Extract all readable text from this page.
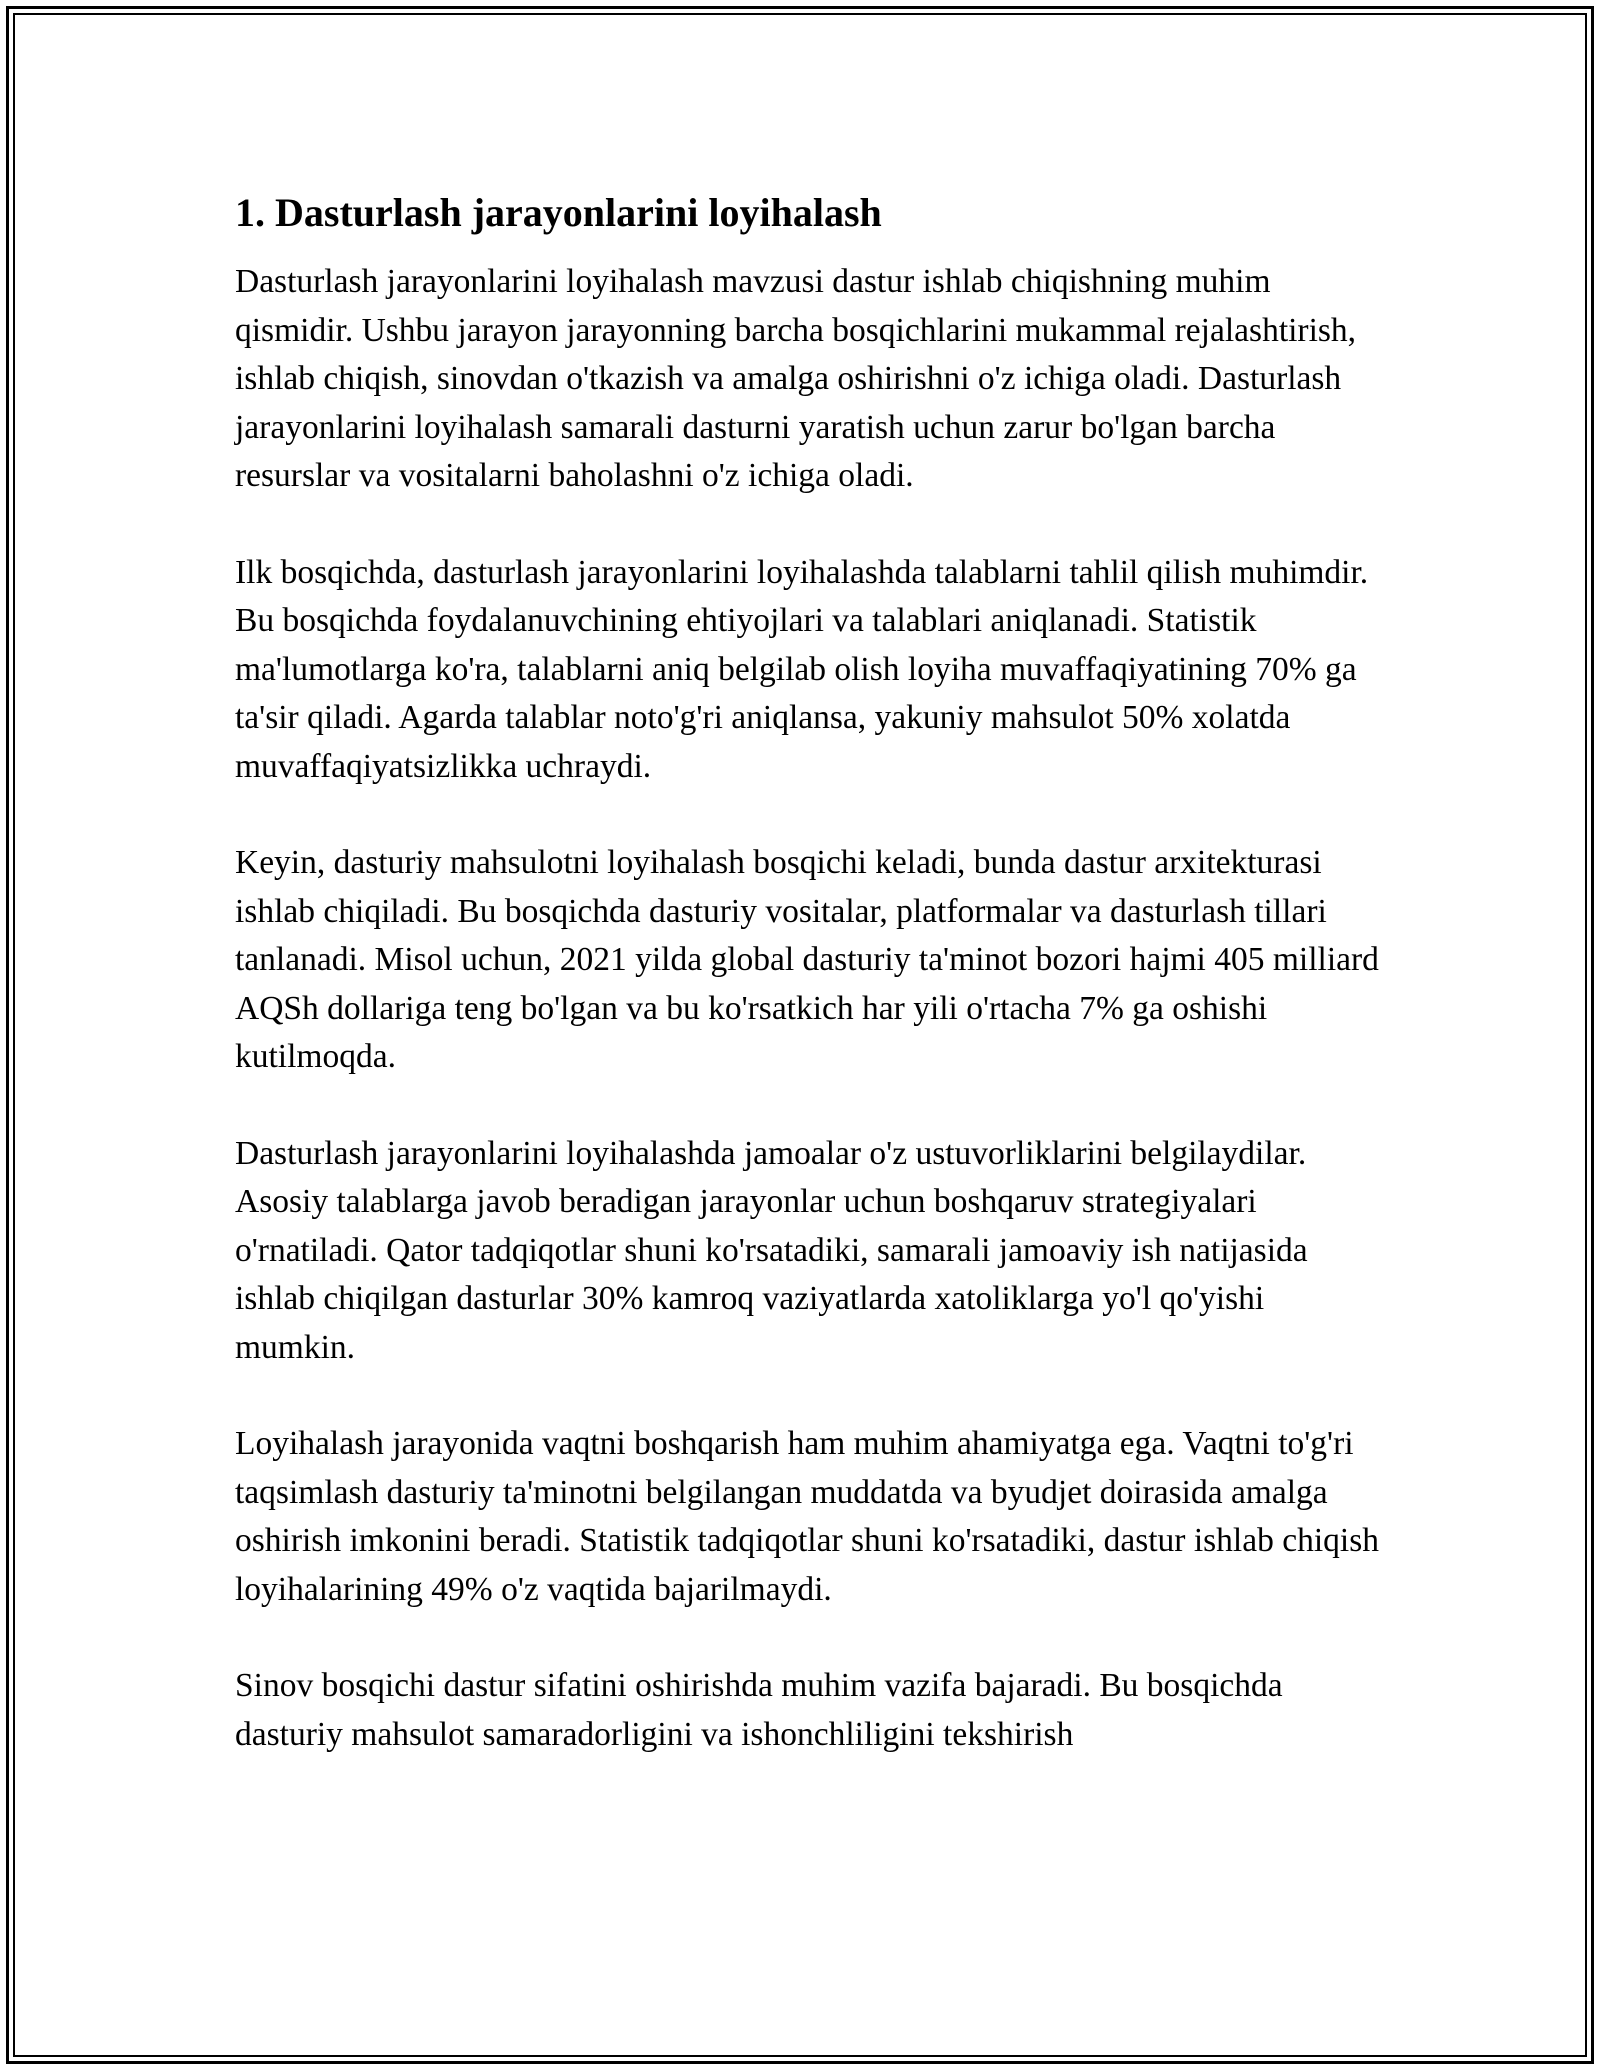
1. Dasturlash jarayonlarini loyihalash

Dasturlash jarayonlarini loyihalash mavzusi dastur ishlab chiqishning muhim qismidir. Ushbu jarayon jarayonning barcha bosqichlarini mukammal rejalashtirish, ishlab chiqish, sinovdan o'tkazish va amalga oshirishni o'z ichiga oladi. Dasturlash jarayonlarini loyihalash samarali dasturni yaratish uchun zarur bo'lgan barcha resurslar va vositalarni baholashni o'z ichiga oladi.

Ilk bosqichda, dasturlash jarayonlarini loyihalashda talablarni tahlil qilish muhimdir. Bu bosqichda foydalanuvchining ehtiyojlari va talablari aniqlanadi. Statistik ma'lumotlarga ko'ra, talablarni aniq belgilab olish loyiha muvaffaqiyatining 70% ga ta'sir qiladi. Agarda talablar noto'g'ri aniqlansa, yakuniy mahsulot 50% xolatda muvaffaqiyatsizlikka uchraydi.

Keyin, dasturiy mahsulotni loyihalash bosqichi keladi, bunda dastur arxitekturasi ishlab chiqiladi. Bu bosqichda dasturiy vositalar, platformalar va dasturlash tillari tanlanadi. Misol uchun, 2021 yilda global dasturiy ta'minot bozori hajmi 405 milliard AQSh dollariga teng bo'lgan va bu ko'rsatkich har yili o'rtacha 7% ga oshishi kutilmoqda.

Dasturlash jarayonlarini loyihalashda jamoalar o'z ustuvorliklarini belgilaydilar. Asosiy talablarga javob beradigan jarayonlar uchun boshqaruv strategiyalari o'rnatiladi. Qator tadqiqotlar shuni ko'rsatadiki, samarali jamoaviy ish natijasida ishlab chiqilgan dasturlar 30% kamroq vaziyatlarda xatoliklarga yo'l qo'yishi mumkin.

Loyihalash jarayonida vaqtni boshqarish ham muhim ahamiyatga ega. Vaqtni to'g'ri taqsimlash dasturiy ta'minotni belgilangan muddatda va byudjet doirasida amalga oshirish imkonini beradi. Statistik tadqiqotlar shuni ko'rsatadiki, dastur ishlab chiqish loyihalarining 49% o'z vaqtida bajarilmaydi.

Sinov bosqichi dastur sifatini oshirishda muhim vazifa bajaradi. Bu bosqichda dasturiy mahsulot samaradorligini va ishonchliligini tekshirish
